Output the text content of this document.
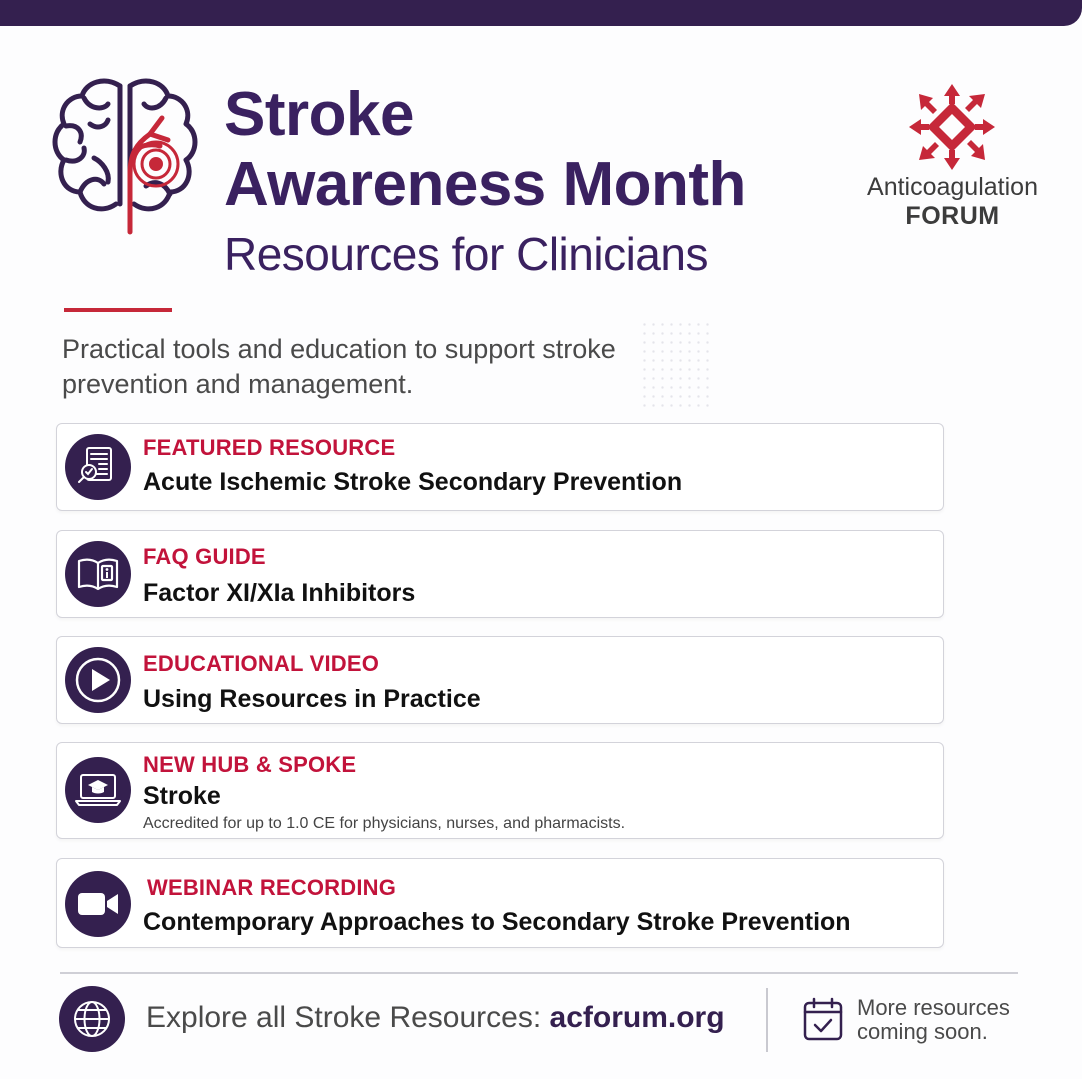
Stroke
Awareness Month
Resources for Clinicians

Practical tools and education to support stroke prevention and management.

Anticoagulation
FORUM
FEATURED RESOURCE
Acute Ischemic Stroke Secondary Prevention
FAQ GUIDE
Factor XI/XIa Inhibitors
EDUCATIONAL VIDEO
Using Resources in Practice
NEW HUB & SPOKE
Stroke
Accredited for up to 1.0 CE for physicians, nurses, and pharmacists.
WEBINAR RECORDING
Contemporary Approaches to Secondary Stroke Prevention
Explore all Stroke Resources: acforum.org	More resources
coming soon.
